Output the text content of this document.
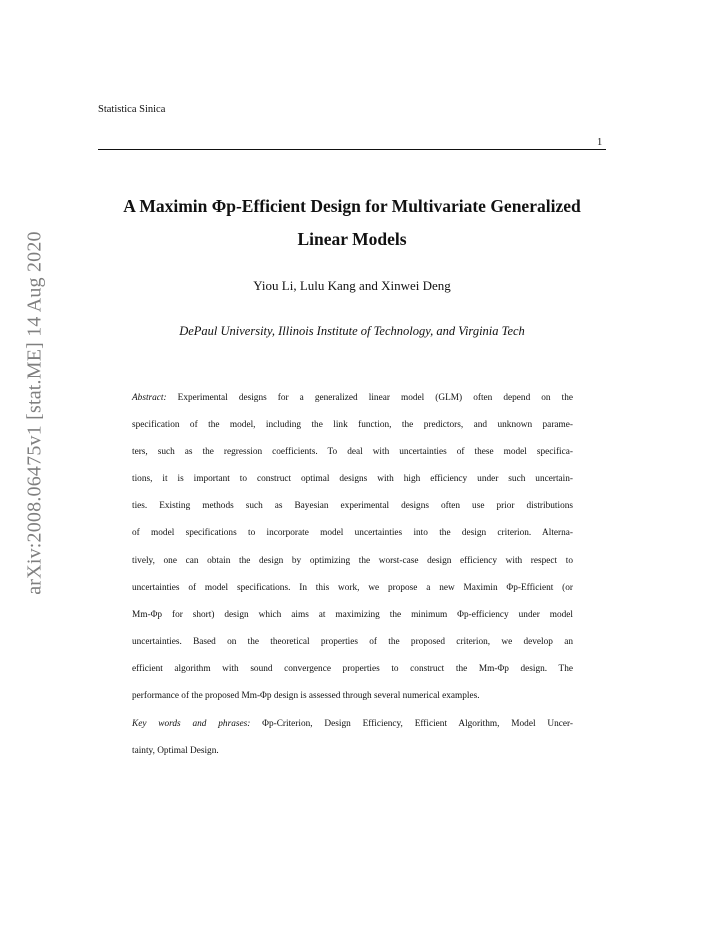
Statistica Sinica
1
arXiv:2008.06475v1 [stat.ME] 14 Aug 2020
A Maximin Φp-Efficient Design for Multivariate Generalized Linear Models
Yiou Li, Lulu Kang and Xinwei Deng
DePaul University, Illinois Institute of Technology, and Virginia Tech
Abstract: Experimental designs for a generalized linear model (GLM) often depend on the
specification of the model, including the link function, the predictors, and unknown parame-
ters, such as the regression coefficients. To deal with uncertainties of these model specifica-
tions, it is important to construct optimal designs with high efficiency under such uncertain-
ties. Existing methods such as Bayesian experimental designs often use prior distributions
of model specifications to incorporate model uncertainties into the design criterion. Alterna-
tively, one can obtain the design by optimizing the worst-case design efficiency with respect to
uncertainties of model specifications. In this work, we propose a new Maximin Φp-Efficient (or
Mm-Φp for short) design which aims at maximizing the minimum Φp-efficiency under model
uncertainties. Based on the theoretical properties of the proposed criterion, we develop an
efficient algorithm with sound convergence properties to construct the Mm-Φp design. The
performance of the proposed Mm-Φp design is assessed through several numerical examples.
Key words and phrases: Φp-Criterion, Design Efficiency, Efficient Algorithm, Model Uncer-
tainty, Optimal Design.
